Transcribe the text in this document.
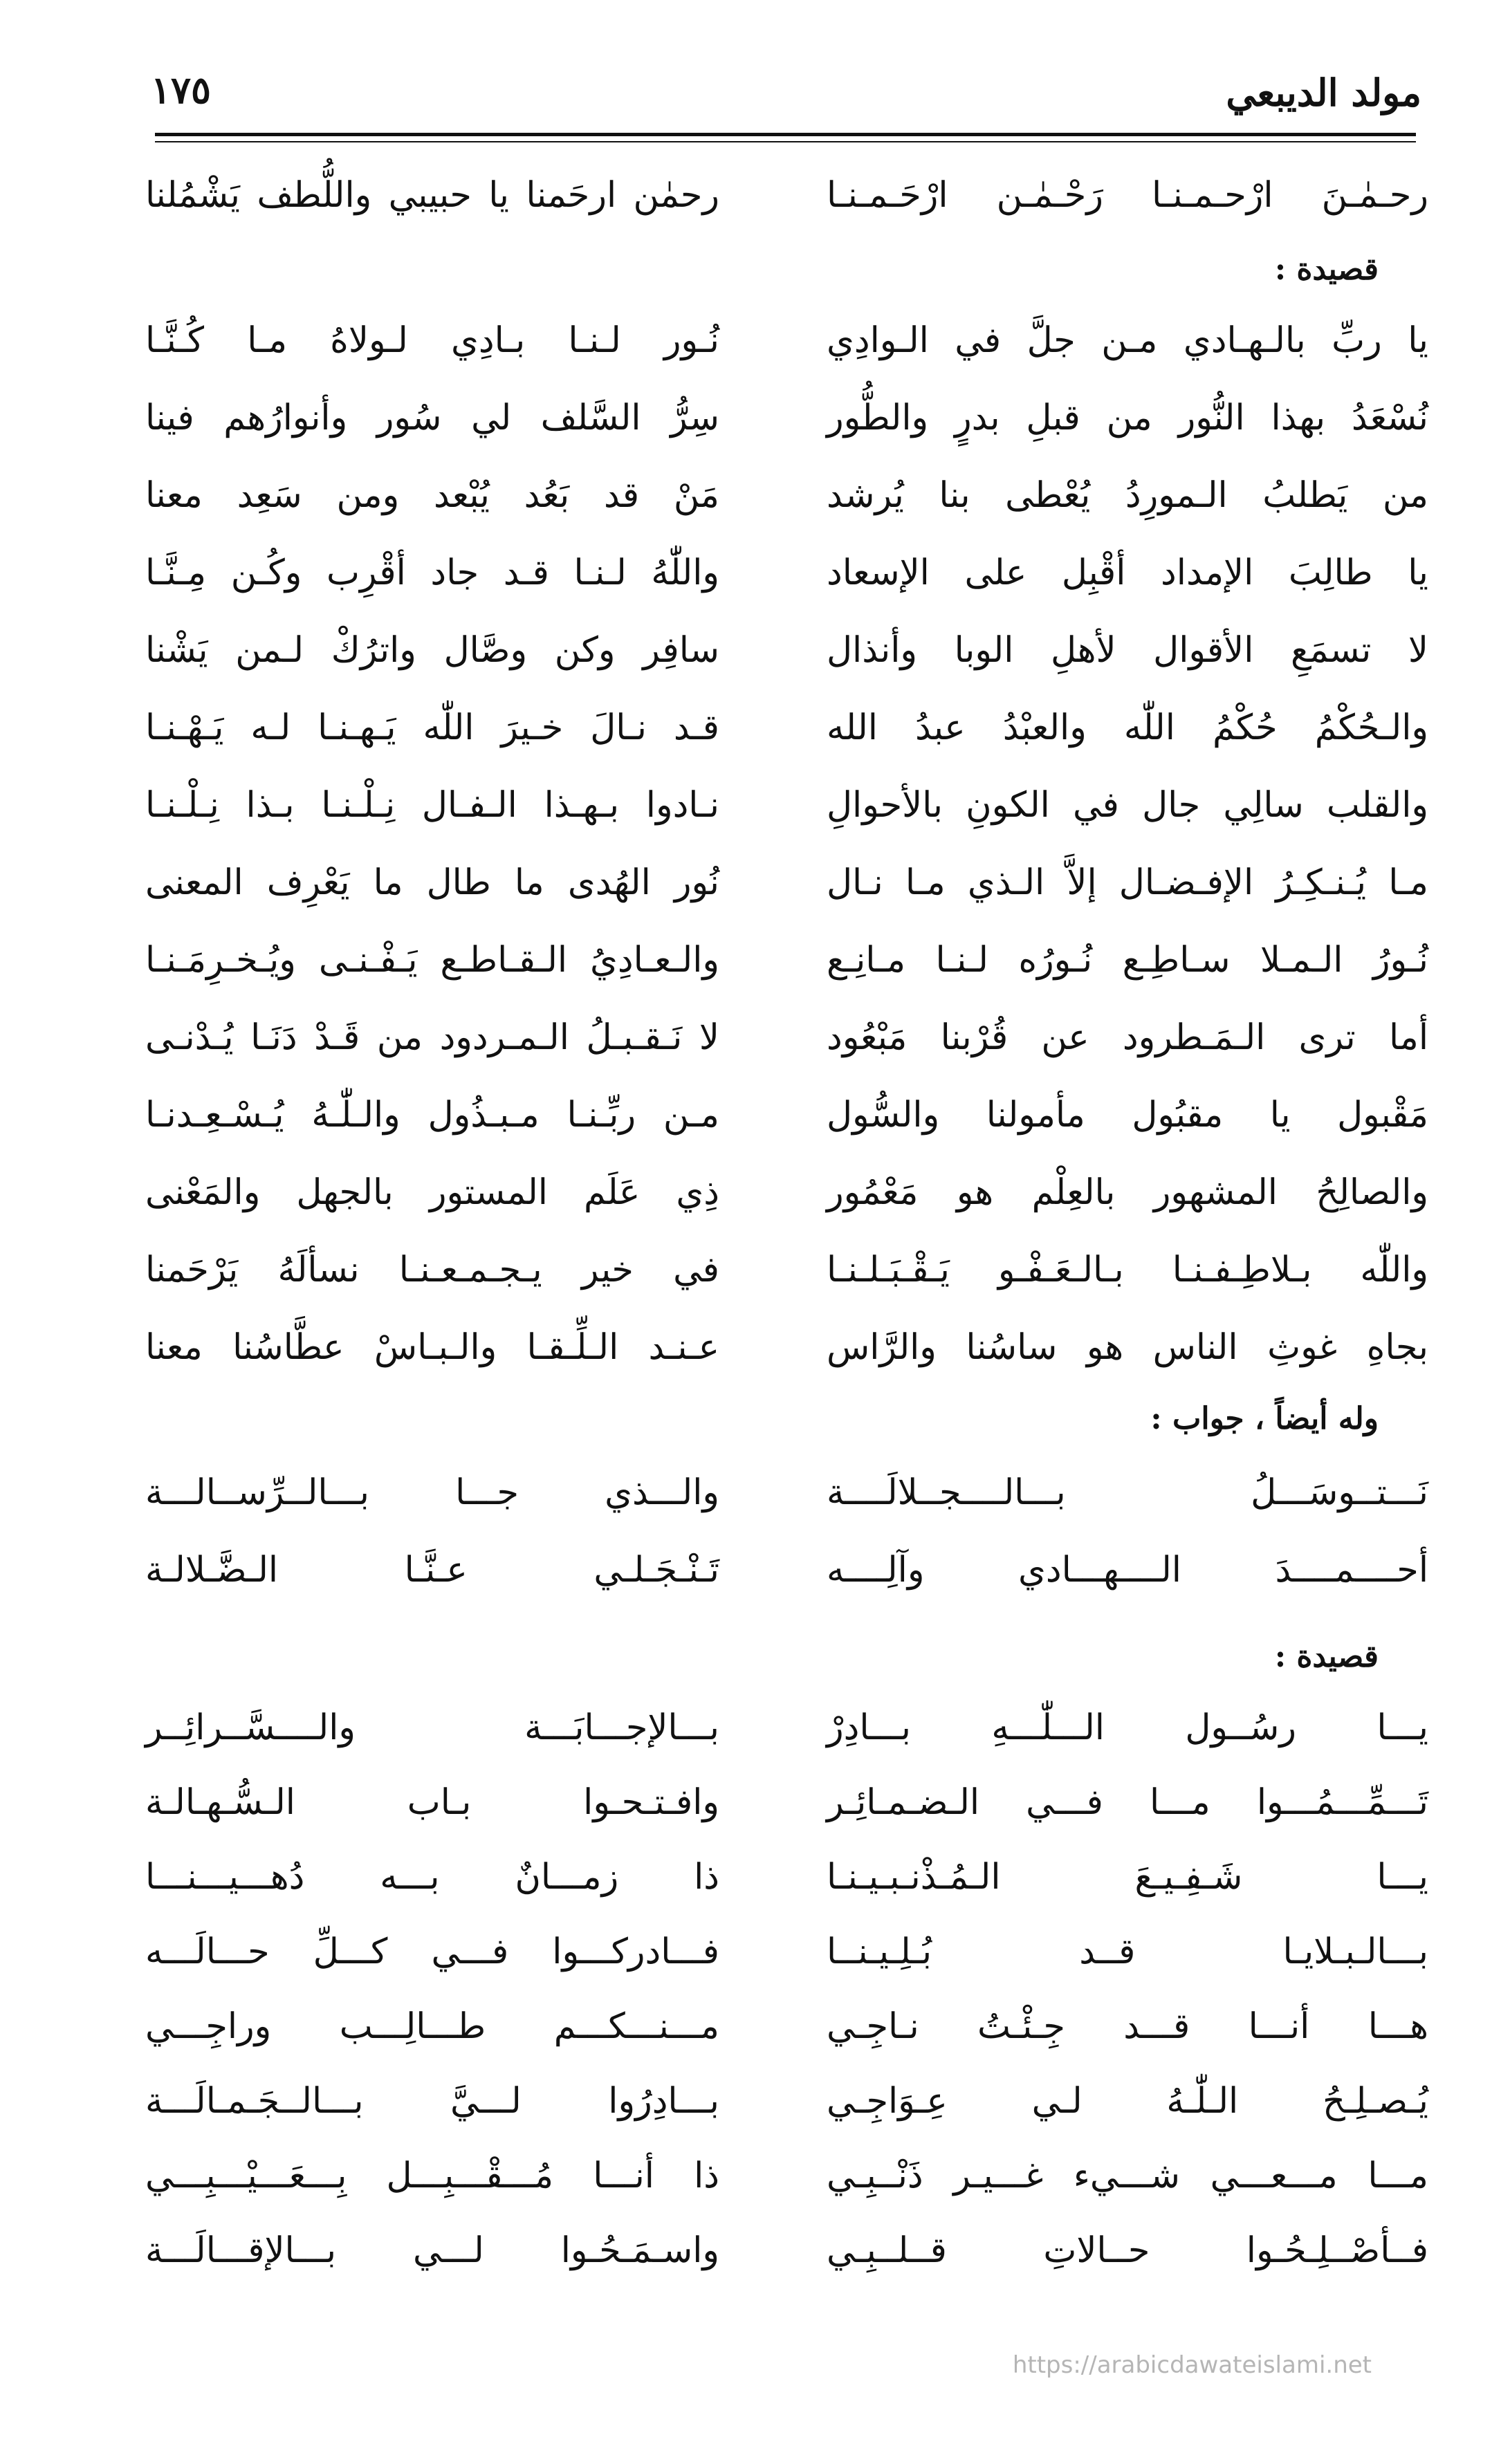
مولد الديبعي
١٧٥
رحـمٰـنَ ارْحـمـنـا رَحْـمٰـن ارْحَـمـنـا
رحمٰن ارحَمنا يا حبيبي واللُّطف يَشْمُلنا
قصيدة :
يا ربِّ بالـهـادي مـن جلَّ في الـوادِي
نُـور لـنـا بـادِي لـولاهُ مـا كُـنَّـا
نُسْعَدُ بهذا النُّور من قبلِ بدرٍ والطُّور
سِرُّ السَّلف لي سُور وأنوارُهم فينا
من يَطلبُ الـمورِدُ يُعْطى بنا يُرشد
مَنْ قد بَعُد يُبْعد ومن سَعِد معنا
يا طالِبَ الإمداد أقْبِل على الإسعاد
واللّٰهُ لـنـا قـد جاد أقْرِب وكُـن مِـنَّـا
لا تسمَعِ الأقوال لأهلِ الوبا وأنذال
سافِر وكن وصَّال واترُكْ لـمن يَشْنا
والـحُكْمُ حُكْمُ اللّٰه والعبْدُ عبدُ الله
قـد نـالَ خـيرَ اللّٰه يَـهـنـا لـه يَـهْـنـا
والقلب سالِي جال في الكونِ بالأحوالِ
نـادوا بـهـذا الـفـال نِـلْـنـا بـذا نِـلْـنـا
مـا يُـنـكِـرُ الإفـضـال إلاَّ الـذي مـا نـال
نُور الهُدى ما طال ما يَعْرِف المعنى
نُـورُ الـمـلا سـاطِـع نُـورُه لـنـا مـانِـع
والـعـادِيُ الـقـاطـع يَـفْـنـى ويُـخـرِمَـنـا
أما ترى الـمَـطرود عن قُرْبنا مَبْعُود
لا نَـقـبـلُ الـمـردود من قَـدْ دَنَـا يُـدْنـى
مَقْبول يا مقبُول مأمولنا والسُّول
مـن ربِّـنـا مـبـذُول والـلّٰـهُ يُـسْـعِـدنـا
والصالِحُ المشهور بالعِلْم هو مَعْمُور
ذِي عَلَم المستور بالجهل والمَعْنى
واللّٰه بـلاطِـفـنـا بـالـعَـفْـو يَـقْـبَـلـنـا
في خير يـجـمـعـنـا نسألَهُ يَرْحَمنا
بجاهِ غوثِ الناس هو ساسُنا والرَّاس
عـنـد الـلِّـقـا والـبـاسْ عطَّاسُنا معنا
وله أيضاً ، جواب :
نَـــتــوسَـــلُ بـــالــــجــلالَــــة
والـــذي جـــا بـــالــرِّســالـــة
أحــــمــــدَ الــــهـــادي وآلِــــه
تَـنْـجَـلـي عـنَّـا الـضَّـلالـة
قصيدة :
يـــا رسُــول الـــلّٰـــهِ بـــادِرْ
بـــالإجـــابَـــة والــــسَّــرائِــر
تَـــمِّـــمُـــوا مـــا فـــي الـضـمـائِـر
وافـتـحـوا بـاب الـسُّـهـالـة
يـــا شَـفِـيـعَ الـمُـذْنـبـيـنـا
ذا زمـــانٌ بـــه دُهـــيـــنـــا
بـــالـبـلايـا قــد بُـلِـيـنــا
فـــادركـــوا فـــي كـــلِّ حـــالَـــه
هـــا أنـــا قـــد جِـئْـتُ نـاجِـي
مـــنـــكـــم طـــالِـــب وراجِـــي
يُـصـلِـحُ الـلّٰـهُ لـي عِـوَاجِـي
بـــادِرُوا لـــيَّ بـــالــجَـمـالَـــة
مـــا مـــعـــي شـــيء غـــيـر ذَنْــبِـي
ذا أنـــا مُـــقْـــبِـــل بِـــعَـــيْـــبِـــي
فــأصْــلِـحُـوا حــالاتِ قــلــبِـي
واسـمَـحُـوا لـــي بـــالإقـــالَـــة
https://arabicdawateislami.net
